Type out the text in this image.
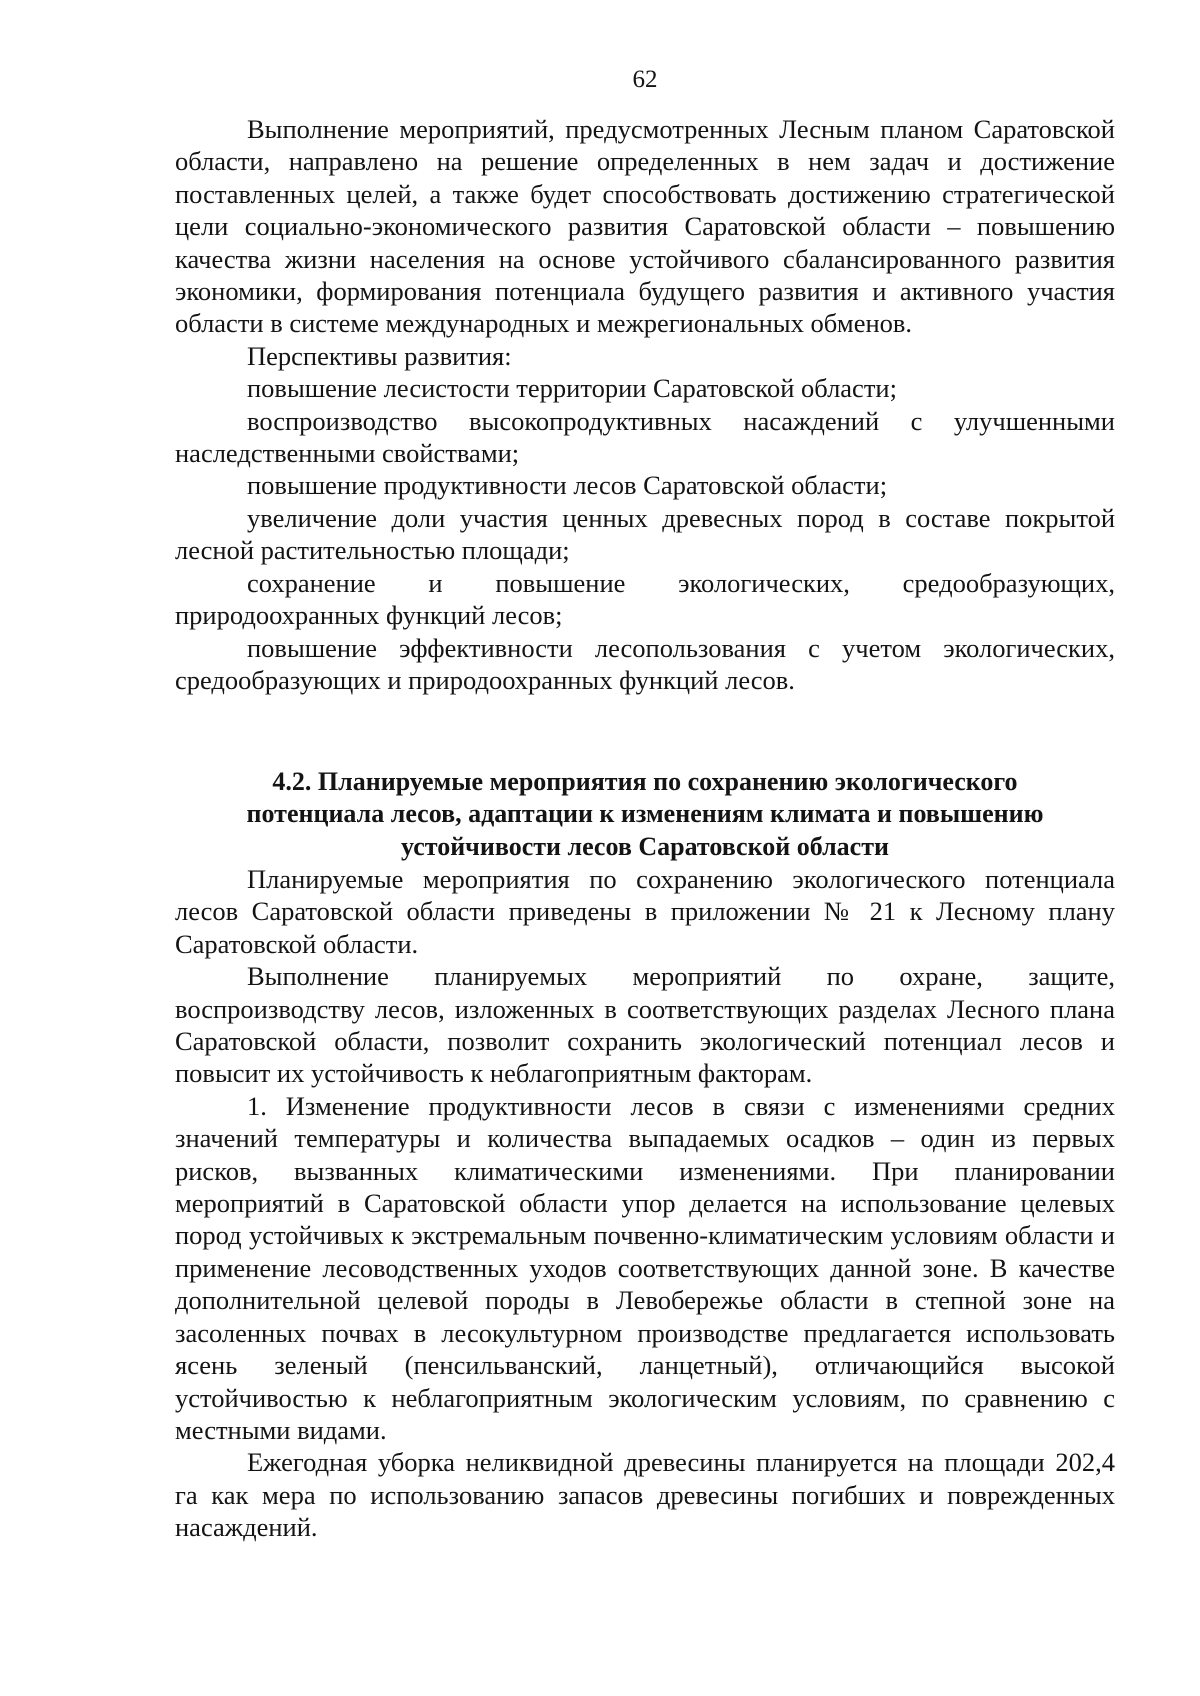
62

Выполнение мероприятий, предусмотренных Лесным планом Саратовской области, направлено на решение определенных в нем задач и достижение поставленных целей, а также будет способствовать достижению стратегической цели социально-экономического развития Саратовской области – повышению качества жизни населения на основе устойчивого сбалансированного развития экономики, формирования потенциала будущего развития и активного участия области в системе международных и межрегиональных обменов.

Перспективы развития:

повышение лесистости территории Саратовской области;

воспроизводство высокопродуктивных насаждений с улучшенными наследственными свойствами;

повышение продуктивности лесов Саратовской области;

увеличение доли участия ценных древесных пород в составе покрытой лесной растительностью площади;

сохранение и повышение экологических, средообразующих, природоохранных функций лесов;

повышение эффективности лесопользования с учетом экологических, средообразующих и природоохранных функций лесов.

4.2. Планируемые мероприятия по сохранению экологического
потенциала лесов, адаптации к изменениям климата и повышению
устойчивости лесов Саратовской области

Планируемые мероприятия по сохранению экологического потенциала лесов Саратовской области приведены в приложении № 21 к Лесному плану Саратовской области.

Выполнение планируемых мероприятий по охране, защите, воспроизводству лесов, изложенных в соответствующих разделах Лесного плана Саратовской области, позволит сохранить экологический потенциал лесов и повысит их устойчивость к неблагоприятным факторам.

1. Изменение продуктивности лесов в связи с изменениями средних значений температуры и количества выпадаемых осадков – один из первых рисков, вызванных климатическими изменениями. При планировании мероприятий в Саратовской области упор делается на использование целевых пород устойчивых к экстремальным почвенно-климатическим условиям области и применение лесоводственных уходов соответствующих данной зоне. В качестве дополнительной целевой породы в Левобережье области в степной зоне на засоленных почвах в лесокультурном производстве предлагается использовать ясень зеленый (пенсильванский, ланцетный), отличающийся высокой устойчивостью к неблагоприятным экологическим условиям, по сравнению с местными видами.

Ежегодная уборка неликвидной древесины планируется на площади 202,4 га как мера по использованию запасов древесины погибших и поврежденных насаждений.
